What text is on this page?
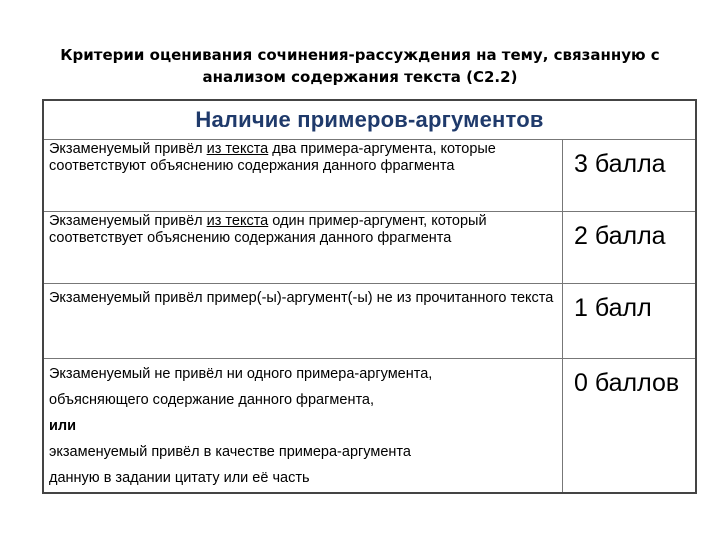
Критерии оценивания сочинения-рассуждения на тему, связанную с
анализом содержания текста (С2.2)
Наличие примеров-аргументов
Экзаменуемый привёл из текста два примера-аргумента, которые соответствуют объяснению содержания данного фрагмента	3 балла
Экзаменуемый привёл из текста один пример-аргумент, который соответствует объяснению содержания данного фрагмента	2 балла
Экзаменуемый привёл пример(-ы)-аргумент(-ы) не из прочитанного текста 1 балл
Экзаменуемый не привёл ни одного примера-аргумента,
объясняющего содержание данного фрагмента,
или
экзаменуемый привёл в качестве примера-аргумента
данную в задании цитату или её часть
0 баллов
